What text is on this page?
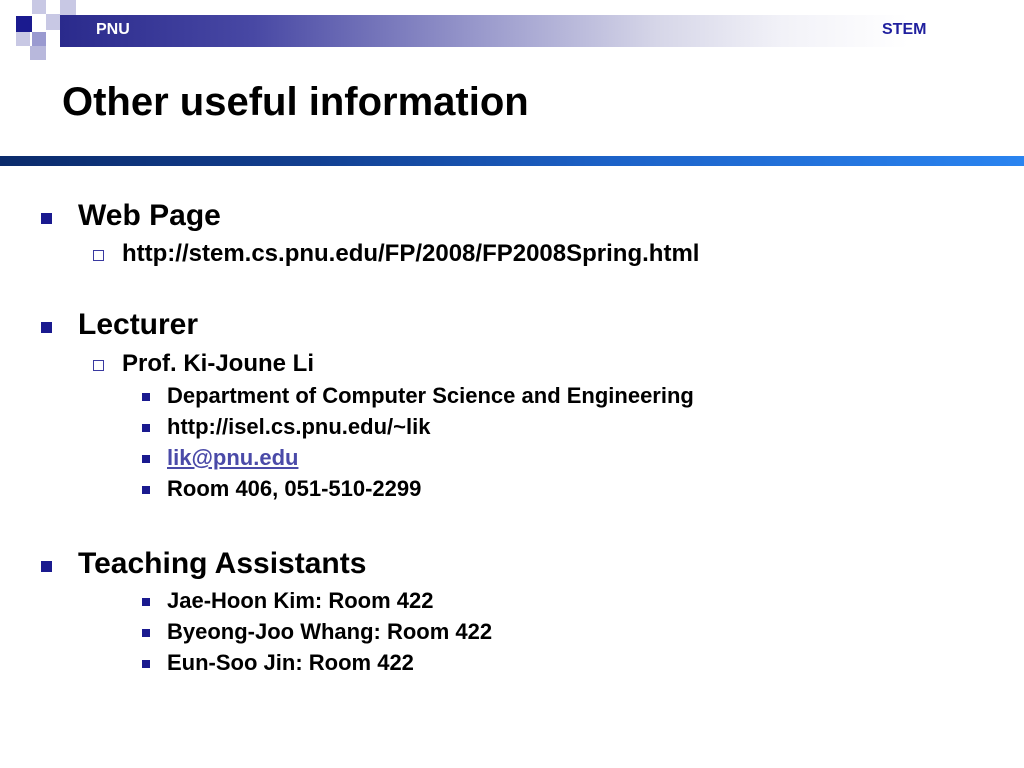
PNU	STEM
Other useful information
Web Page
http://stem.cs.pnu.edu/FP/2008/FP2008Spring.html
Lecturer
Prof. Ki-Joune Li
Department of Computer Science and Engineering
http://isel.cs.pnu.edu/~lik
lik@pnu.edu
Room 406, 051-510-2299
Teaching Assistants
Jae-Hoon Kim: Room 422
Byeong-Joo Whang: Room 422
Eun-Soo Jin: Room 422
